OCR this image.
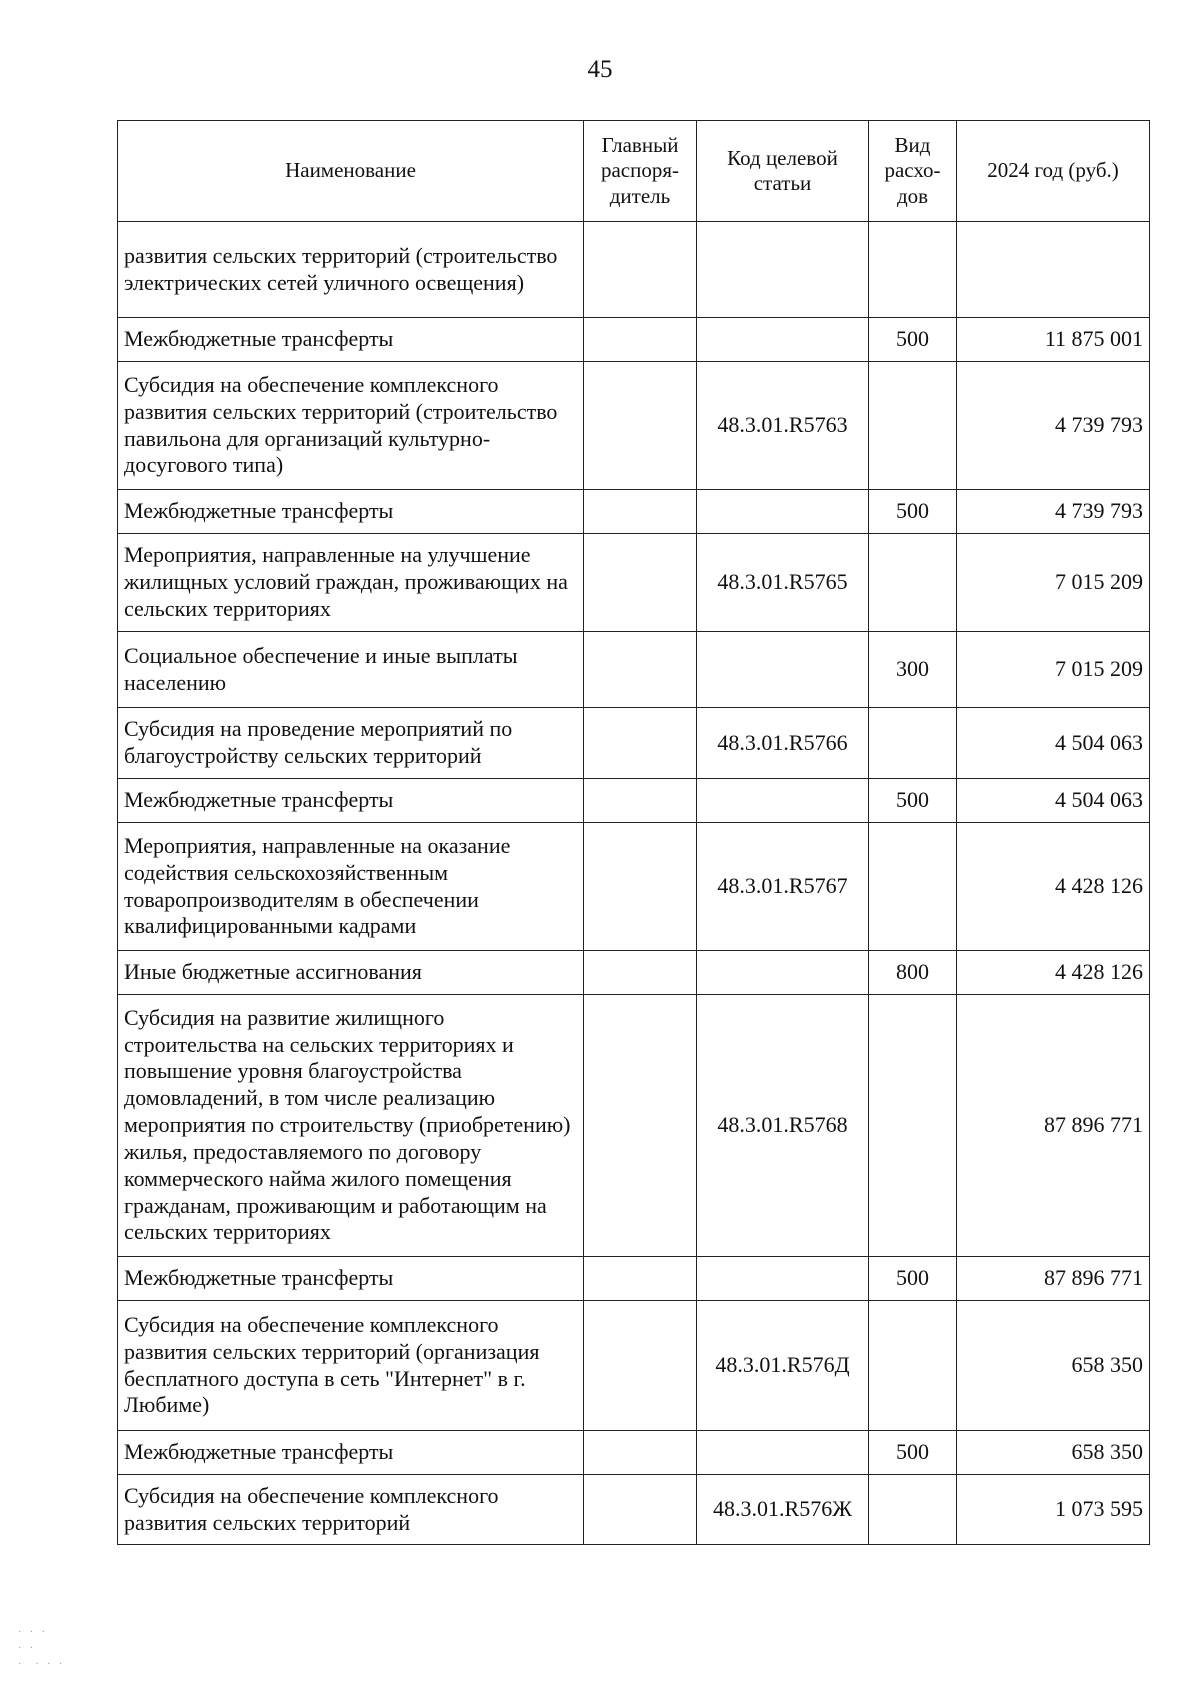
45
Наименование	Главный распоря-дитель	Код целевой статьи	Вид расхо-дов	2024 год (руб.)
развития сельских территорий (строительство электрических сетей уличного освещения)				
Межбюджетные трансферты			500	11 875 001
Субсидия на обеспечение комплексного развития сельских территорий (строительство павильона для организаций культурно-досугового типа)		48.3.01.R5763		4 739 793
Межбюджетные трансферты			500	4 739 793
Мероприятия, направленные на улучшение жилищных условий граждан, проживающих на сельских территориях		48.3.01.R5765		7 015 209
Социальное обеспечение и иные выплаты населению			300	7 015 209
Субсидия на проведение мероприятий по благоустройству сельских территорий		48.3.01.R5766		4 504 063
Межбюджетные трансферты			500	4 504 063
Мероприятия, направленные на оказание содействия сельскохозяйственным товаропроизводителям в обеспечении квалифицированными кадрами		48.3.01.R5767		4 428 126
Иные бюджетные ассигнования			800	4 428 126
Субсидия на развитие жилищного строительства на сельских территориях и повышение уровня благоустройства домовладений, в том числе реализацию мероприятия по строительству (приобретению) жилья, предоставляемого по договору коммерческого найма жилого помещения гражданам, проживающим и работающим на сельских территориях		48.3.01.R5768		87 896 771
Межбюджетные трансферты			500	87 896 771
Субсидия на обеспечение комплексного развития сельских территорий (организация бесплатного доступа в сеть "Интернет" в г. Любиме)		48.3.01.R576Д		658 350
Межбюджетные трансферты			500	658 350
Субсидия на обеспечение комплексного развития сельских территорий		48.3.01.R576Ж		1 073 595
· · ·
· ·
·  · · ·
